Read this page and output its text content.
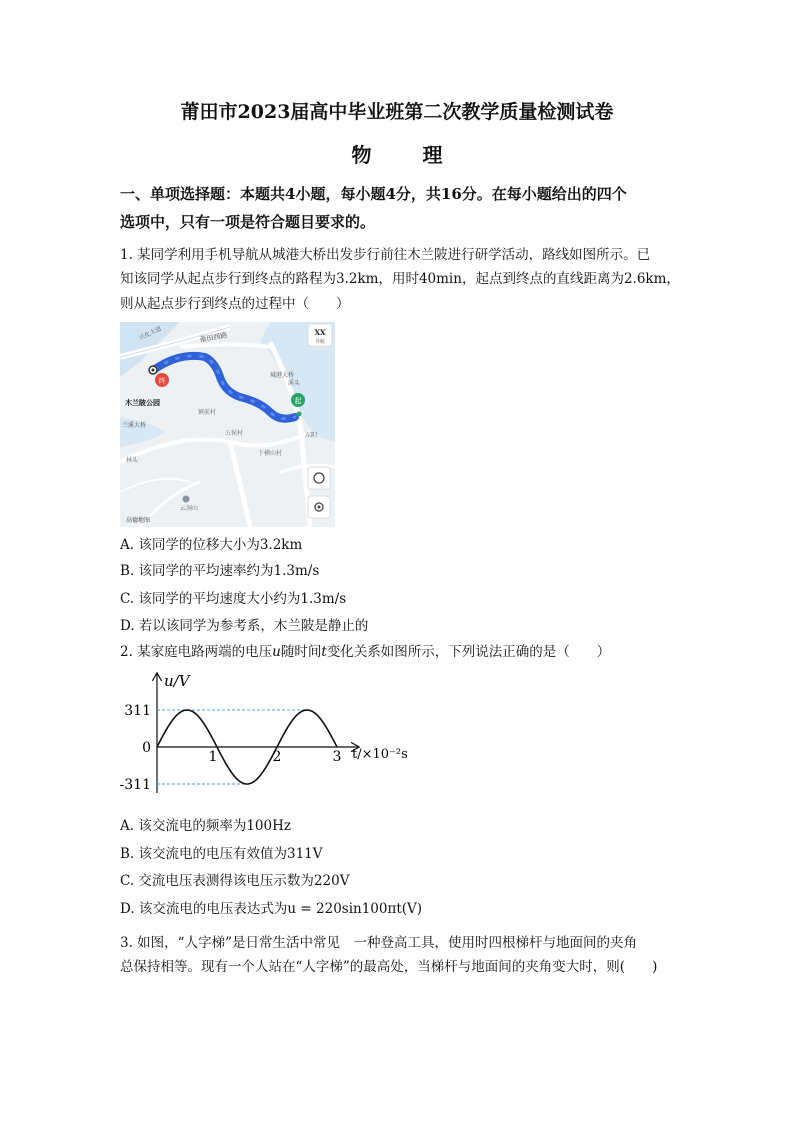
莆田市2023届高中毕业班第二次教学质量检测试卷
物 理
一、单项选择题：本题共4小题，每小题4分，共16分。在每小题给出的四个
选项中，只有一项是符合题目要求的。
1. 某同学利用手机导航从城港大桥出发步行前往木兰陂进行研学活动，路线如图所示。已
知该同学从起点步行到终点的路程为3.2km，用时40min，起点到终点的直线距离为2.6km，
则从起点步行到终点的过程中（　　）
莆田西路
兴化大道
城港大桥
兰溪大桥
木兰陂公园
镇前村
五侯村
下横山村
林头
云洞山
溪头
东阳
高德地图
终
起
XX
导航
A. 该同学的位移大小为3.2km
B. 该同学的平均速率约为1.3m/s
C. 该同学的平均速度大小约为1.3m/s
D. 若以该同学为参考系，木兰陂是静止的
2. 某家庭电路两端的电压u随时间t变化关系如图所示，下列说法正确的是（　　）
1	2	3
311
0
-311
u/V
t/×10⁻²s
A. 该交流电的频率为100Hz
B. 该交流电的电压有效值为311V
C. 交流电压表测得该电压示数为220V
D. 该交流电的电压表达式为u = 220sin100πt(V)
3. 如图，“人字梯”是日常生活中常见　一种登高工具，使用时四根梯杆与地面间的夹角
总保持相等。现有一个人站在“人字梯”的最高处，当梯杆与地面间的夹角变大时，则(　　)
